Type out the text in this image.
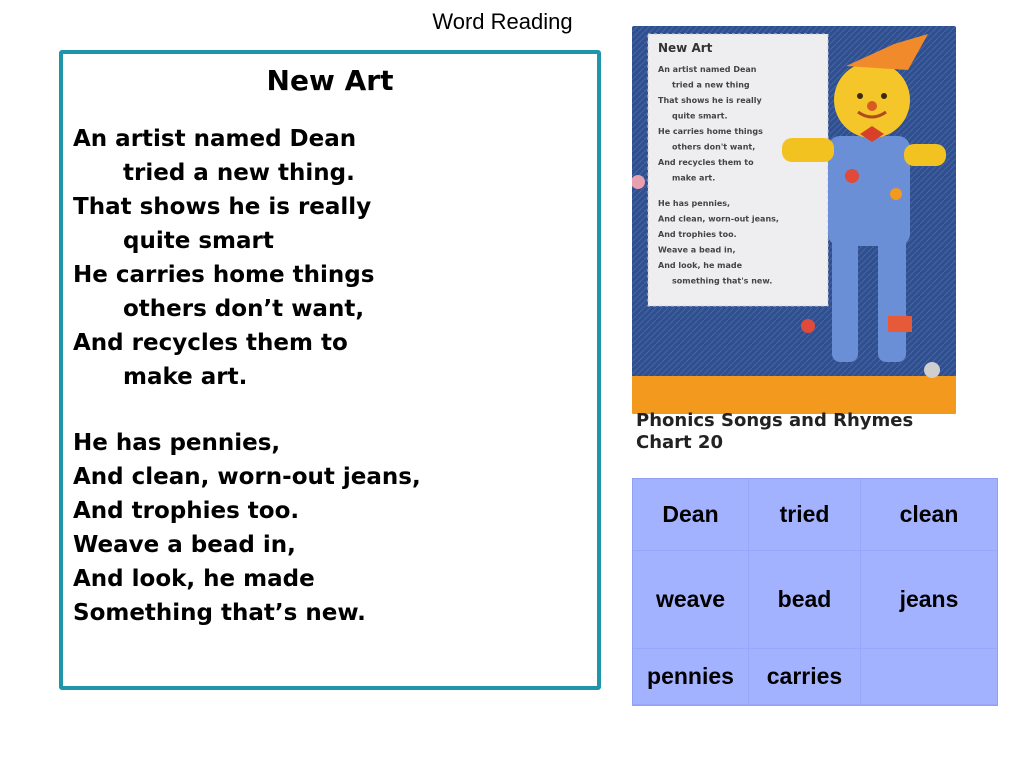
Word Reading
New Art
An artist named Dean
tried a new thing.
That shows he is really
quite smart
He carries home things
others don’t want,
And recycles them to
make art.
He has pennies,
And clean, worn-out jeans,
And trophies too.
Weave a bead in,
And look, he made
Something that’s new.
New Art
An artist named Dean
tried a new thing
That shows he is really
quite smart.
He carries home things
others don't want,
And recycles them to
make art.
He has pennies,
And clean, worn-out jeans,
And trophies too.
Weave a bead in,
And look, he made
something that's new.
Phonics Songs and Rhymes
Chart 20
Dean	tried	clean
weave	bead	jeans
pennies	carries
